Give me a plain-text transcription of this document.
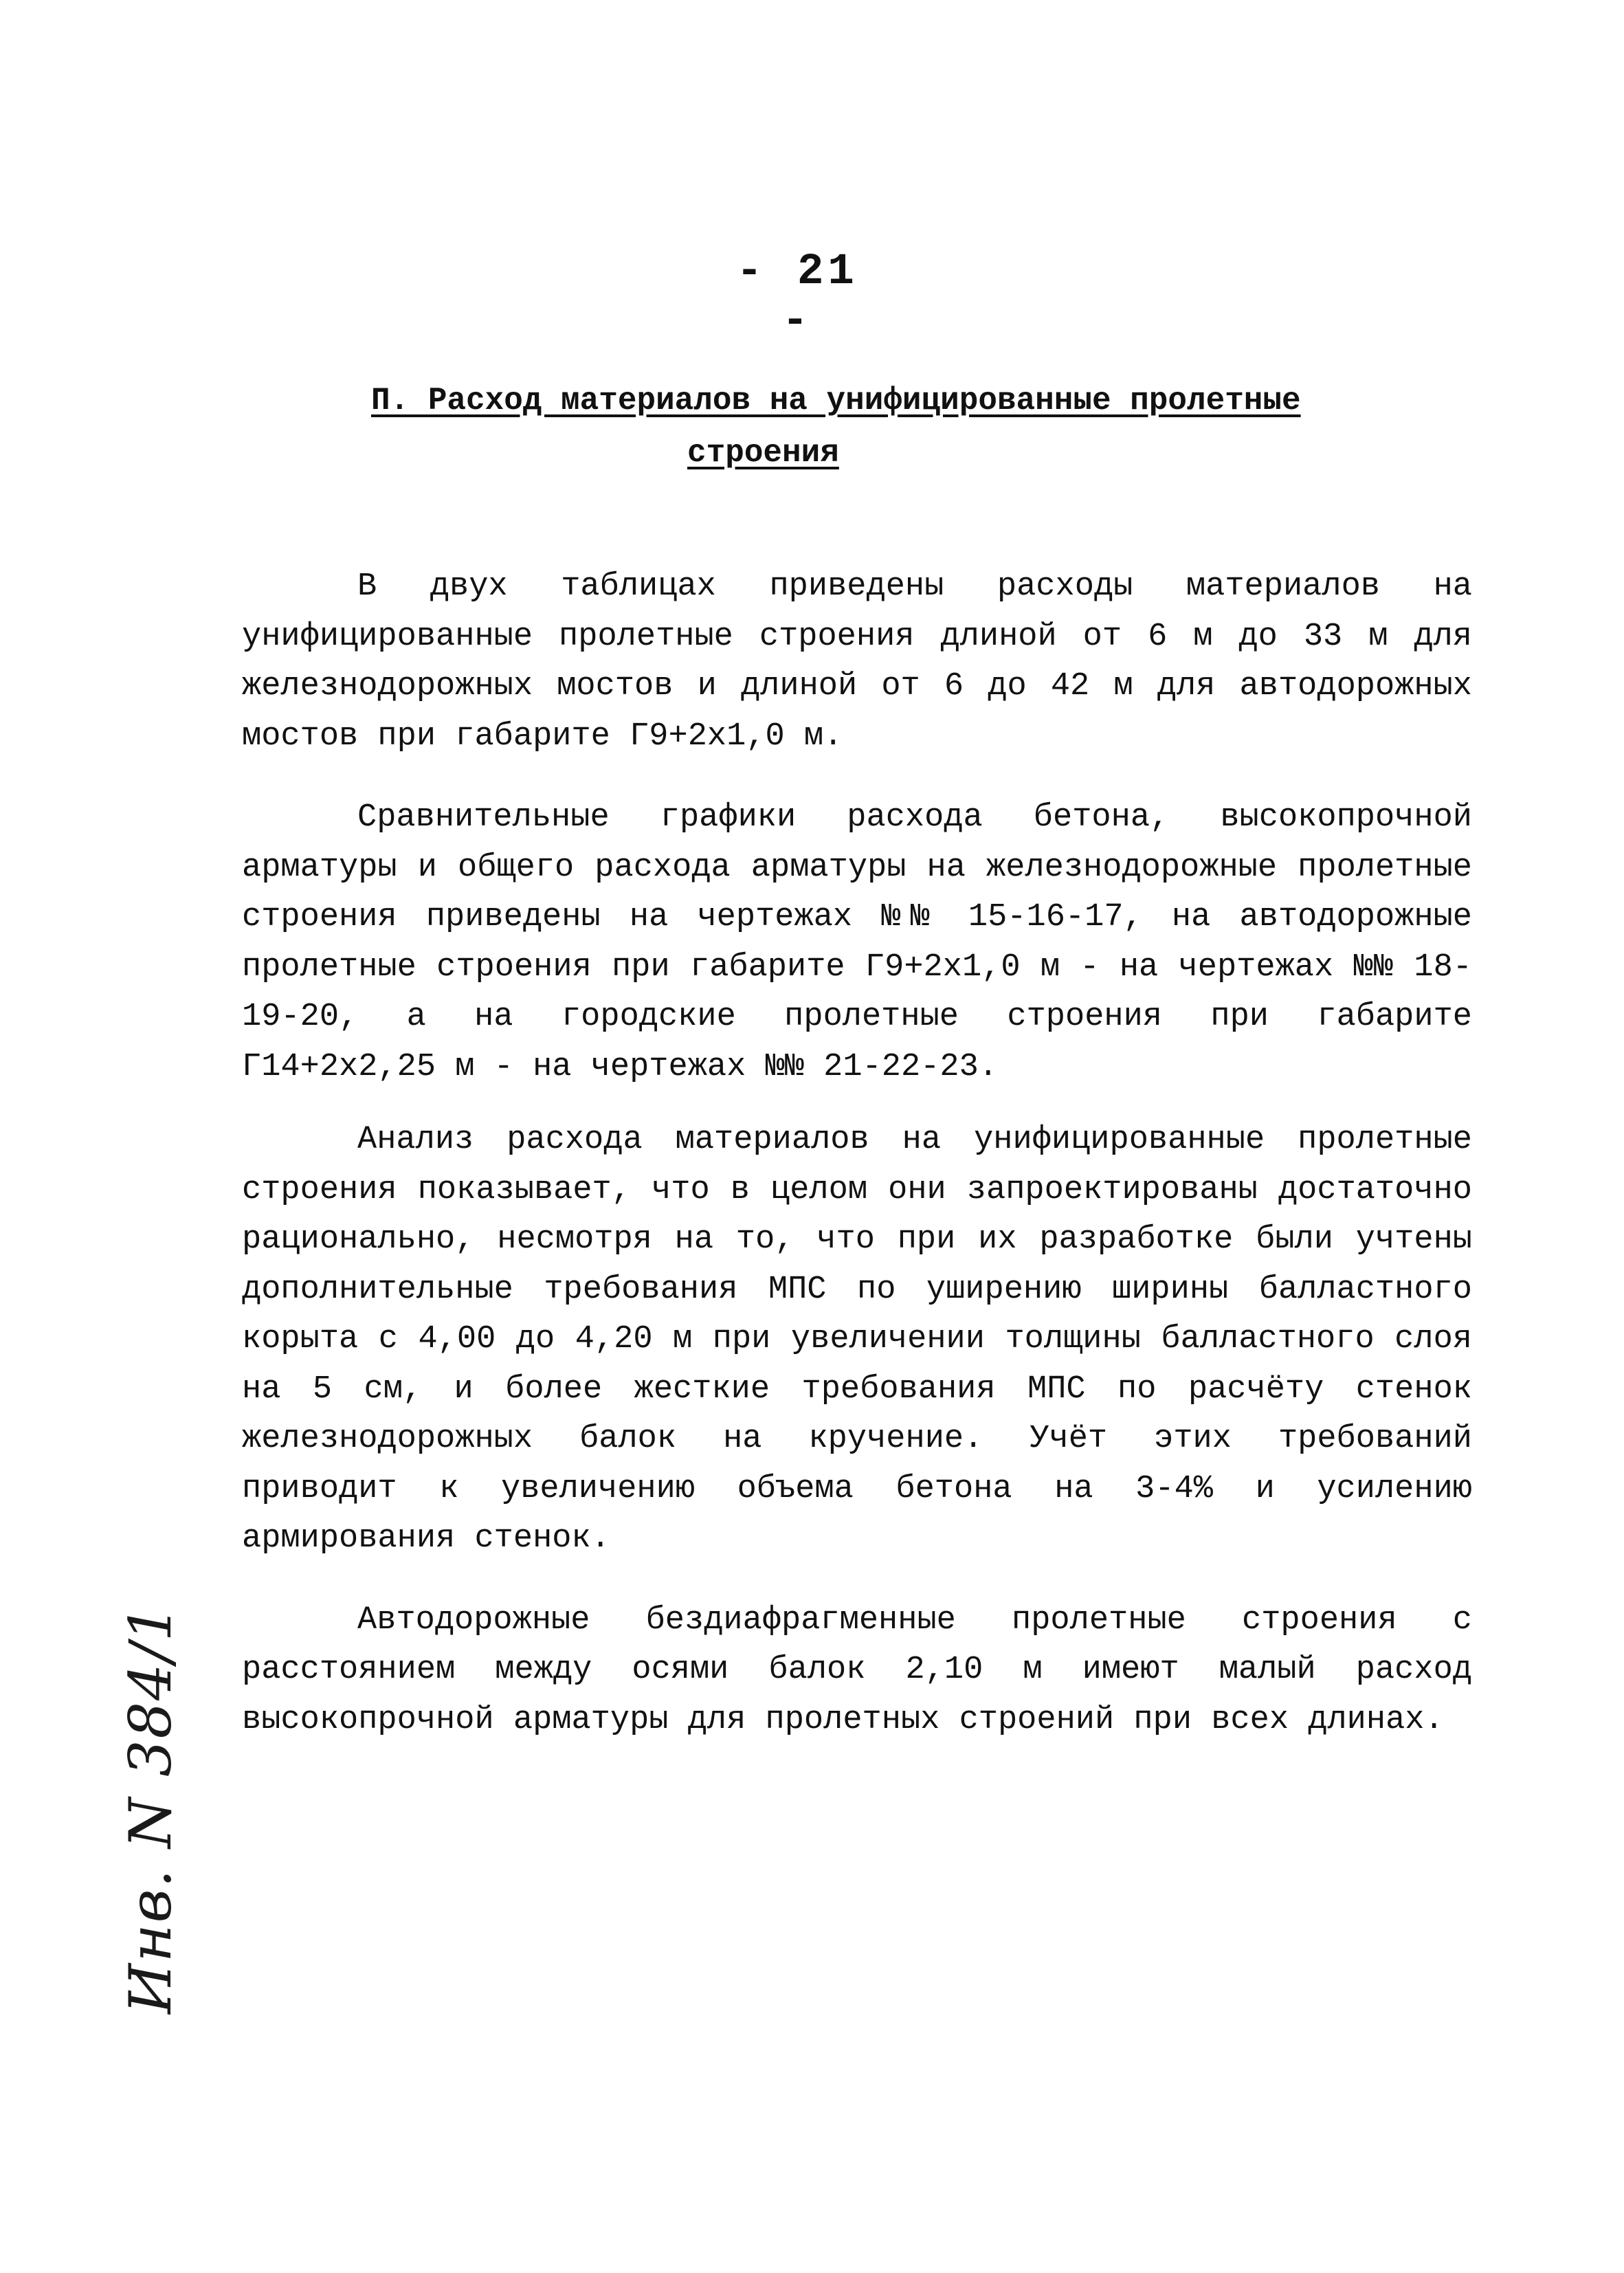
- 21 -
П. Расход материалов на унифицированные пролетные
строения

В двух таблицах приведены расходы материалов на унифицированные пролетные строения длиной от 6 м до 33 м для железнодорожных мостов и длиной от 6 до 42 м для автодорожных мостов при габарите Г9+2х1,0 м.

Сравнительные графики расхода бетона, высокопрочной арматуры и общего расхода арматуры на железнодорожные пролетные строения приведены на чертежах №№ 15-16-17, на автодорожные пролетные строения при габарите Г9+2х1,0 м - на чертежах №№ 18-19-20, а на городские пролетные строения при габарите Г14+2х2,25 м - на чертежах №№ 21-22-23.

Анализ расхода материалов на унифицированные пролетные строения показывает, что в целом они запроектированы достаточно рационально, несмотря на то, что при их разработке были учтены дополнительные требования МПС по уширению ширины балластного корыта с 4,00 до 4,20 м при увеличении толщины балластного слоя на 5 см, и более жесткие требования МПС по расчёту стенок железнодорожных балок на кручение. Учёт этих требований приводит к увеличению объема бетона на 3-4% и усилению армирования стенок.

Автодорожные бездиафрагменные пролетные строения с расстоянием между осями балок 2,10 м имеют малый расход высокопрочной арматуры для пролетных строений при всех длинах.

Инв. N 384/1
